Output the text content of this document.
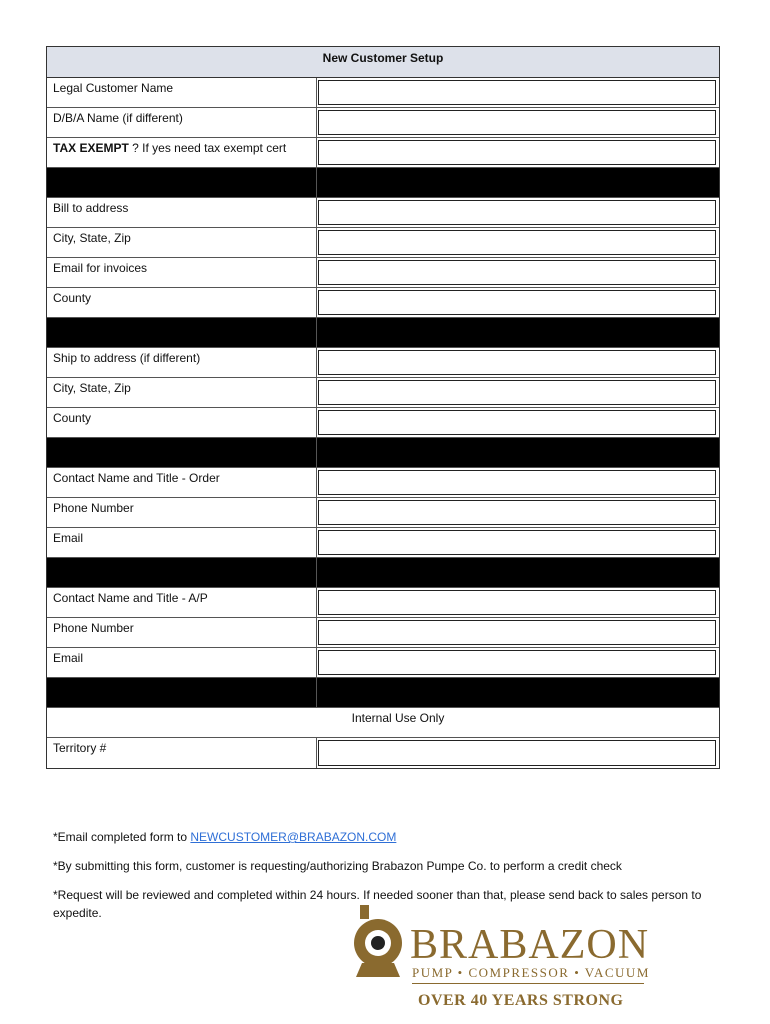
New Customer Setup
Legal Customer Name
D/B/A Name (if different)
TAX EXEMPT ? If yes need tax exempt cert
Bill to address
City, State, Zip
Email for invoices
County
Ship to address (if different)
City, State, Zip
County
Contact Name and Title - Order
Phone Number
Email
Contact Name and Title - A/P
Phone Number
Email
Internal Use Only
Territory #

*Email completed form to NEWCUSTOMER@BRABAZON.COM

*By submitting this form, customer is requesting/authorizing Brabazon Pumpe Co. to perform a credit check

*Request will be reviewed and completed within 24 hours. If needed sooner than that, please send back to sales person to expedite.

BRABAZON
PUMP • COMPRESSOR • VACUUM
OVER 40 YEARS STRONG
